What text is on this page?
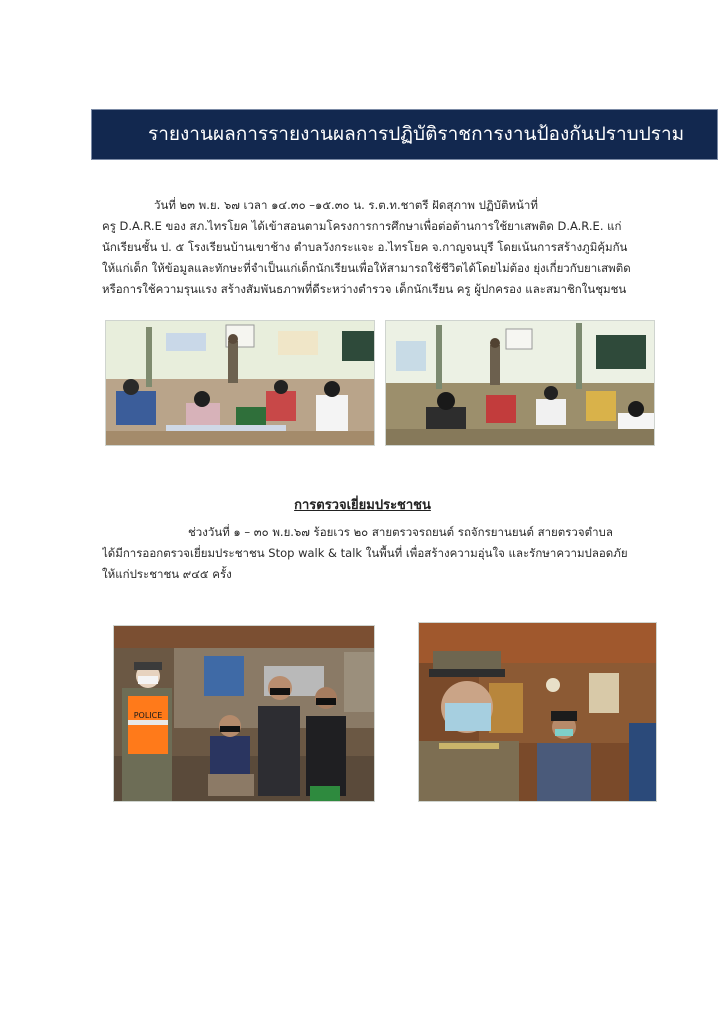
รายงานผลการรายงานผลการปฏิบัติราชการงานป้องกันปราบปราม
วันที่ ๒๓ พ.ย. ๖๗ เวลา ๑๔.๓๐ –๑๕.๓๐ น. ร.ต.ท.ชาตรี ฝัดสุภาพ ปฏิบัติหน้าที่
ครู D.A.R.E ของ สภ.ไทรโยค ได้เข้าสอนตามโครงการการศึกษาเพื่อต่อต้านการใช้ยาเสพติด D.A.R.E. แก่
นักเรียนชั้น ป. ๕ โรงเรียนบ้านเขาช้าง ตำบลวังกระแจะ อ.ไทรโยค จ.กาญจนบุรี โดยเน้นการสร้างภูมิคุ้มกัน
ให้แก่เด็ก ให้ข้อมูลและทักษะที่จำเป็นแก่เด็กนักเรียนเพื่อให้สามารถใช้ชีวิตได้โดยไม่ต้อง ยุ่งเกี่ยวกับยาเสพติด
หรือการใช้ความรุนแรง สร้างสัมพันธภาพที่ดีระหว่างตำรวจ เด็กนักเรียน ครู ผู้ปกครอง และสมาชิกในชุมชน
การตรวจเยี่ยมประชาชน
ช่วงวันที่ ๑ – ๓๐ พ.ย.๖๗ ร้อยเวร ๒๐ สายตรวจรถยนต์ รถจักรยานยนต์ สายตรวจตำบล
ได้มีการออกตรวจเยี่ยมประชาชน Stop walk & talk ในพื้นที่ เพื่อสร้างความอุ่นใจ และรักษาความปลอดภัย
ให้แก่ประชาชน ๙๔๕ ครั้ง
POLICE
